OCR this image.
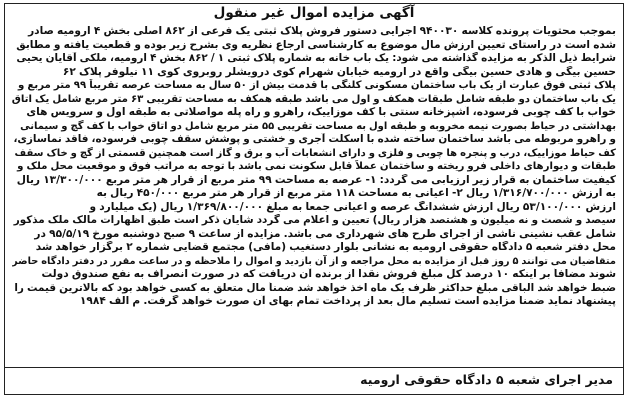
آگهی مزایده اموال غیر منقول
بموجب محتویات پرونده کلاسه ۹۴۰۰۳۰ اجرایی دستور فروش پلاک ثبتی یک فرعی از ۸۶۲ اصلی بخش ۴ ارومیه صادر
شده است در راستای تعیین ارزش مال موضوع به کارشناسی ارجاع نظریه وی بشرح زیر بوده و قطعیت یافته و مطابق
شرایط ذیل الذکر به مزایده گذاشته می شود: یک باب خانه به شماره پلاک ثبتی ۱ / ۸۶۲ بخش ۴ ارومیه، ملکی آقایان یحیی
حسین بیگی و هادی حسین بیگی واقع در ارومیه خیابان شهرام کوی درویشلر روبروی کوی ۱۱ نیلوفر پلاک ۶۲
پلاک ثبتی فوق عبارت از یک باب ساختمان مسکونی کلنگی با قدمت بیش از ۵۰ سال به مساحت عرصه تقریباً ۹۹ متر مربع و
یک باب ساختمان دو طبقه شامل طبقات همکف و اول می باشد طبقه همکف به مساحت تقریبی ۶۳ متر مربع شامل یک اتاق
خواب با کف چوبی فرسوده، آشپزخانه سنتی با کف موزاییک، راهرو و راه پله مواصلاتی به طبقه اول و سرویس های
بهداشتی در حیاط بصورت نیمه مخروبه و طبقه اول به مساحت تقریبی ۵۵ متر مربع شامل دو اتاق خواب با کف گچ و سیمانی
و راهرو مربوطه می باشد ساختمان ساخته شده با اسکلت آجری و خشتی و پوشش سقف چوبی فرسوده، فاقد نماسازی،
کف حیاط موزاییک، درب و پنجره ها چوبی و فلزی و دارای انشعابات آب و برق و گاز است همچنین قسمتی از گچ و خاک سقف
طبقات و دیوارهای داخلی فرو ریخته و ساختمان عملاً قابل سکونت نمی باشد با توجه به مراتب فوق و موقعیت محل ملک و
کیفیت ساختمان به قرار زیر ارزیابی می گردد: ۱- عرصه به مساحت ۹۹ متر مربع از قرار هر متر مربع ۱۳/۳۰۰/۰۰۰ ریال
به ارزش ۱/۳۱۶/۷۰۰/۰۰۰ ریال ۲- اعیانی به مساحت ۱۱۸ متر مربع از قرار هر متر مربع ۴۵۰/۰۰۰ ریال به
ارزش ۵۳/۱۰۰/۰۰۰ ریال ارزش ششدانگ عرصه و اعیانی جمعاً به مبلغ ۱/۳۶۹/۸۰۰/۰۰۰ ریال (یک میلیارد و
سیصد و شصت و نه میلیون و هشتصد هزار ریال) تعیین و اعلام می گردد شایان ذکر است طبق اظهارات مالک ملک مذکور
شامل عقب نشینی ناشی از اجرای طرح های شهرداری می باشد. مزایده از ساعت ۹ صبح دوشنبه مورخ ۹۵/۵/۱۹ در
محل دفتر شعبه ۵ دادگاه حقوقی ارومیه به نشانی بلوار دستغیب (مافی) مجتمع قضایی شماره ۲ برگزار خواهد شد
متقاضیان می توانند ۵ روز قبل از مزایده به محل مراجعه و از آن بازدید و اموال را ملاحظه و در ساعت مقرر در دفتر دادگاه حاضر
شوند مضافاً بر اینکه ۱۰ درصد کل مبلغ فروش نقداً از برنده آن دریافت که در صورت انصراف به نفع صندوق دولت
ضبط خواهد شد الباقی مبلغ حداکثر ظرف یک ماه اخذ خواهد شد ضمناً مال متعلق به کسی خواهد بود که بالاترین قیمت را
پیشنهاد نماید ضمناً مزایده است تسلیم مال بعد از پرداخت تمام بهای آن صورت خواهد گرفت. م الف ۱۹۸۴
مدیر اجرای شعبه ۵ دادگاه حقوقی ارومیه
